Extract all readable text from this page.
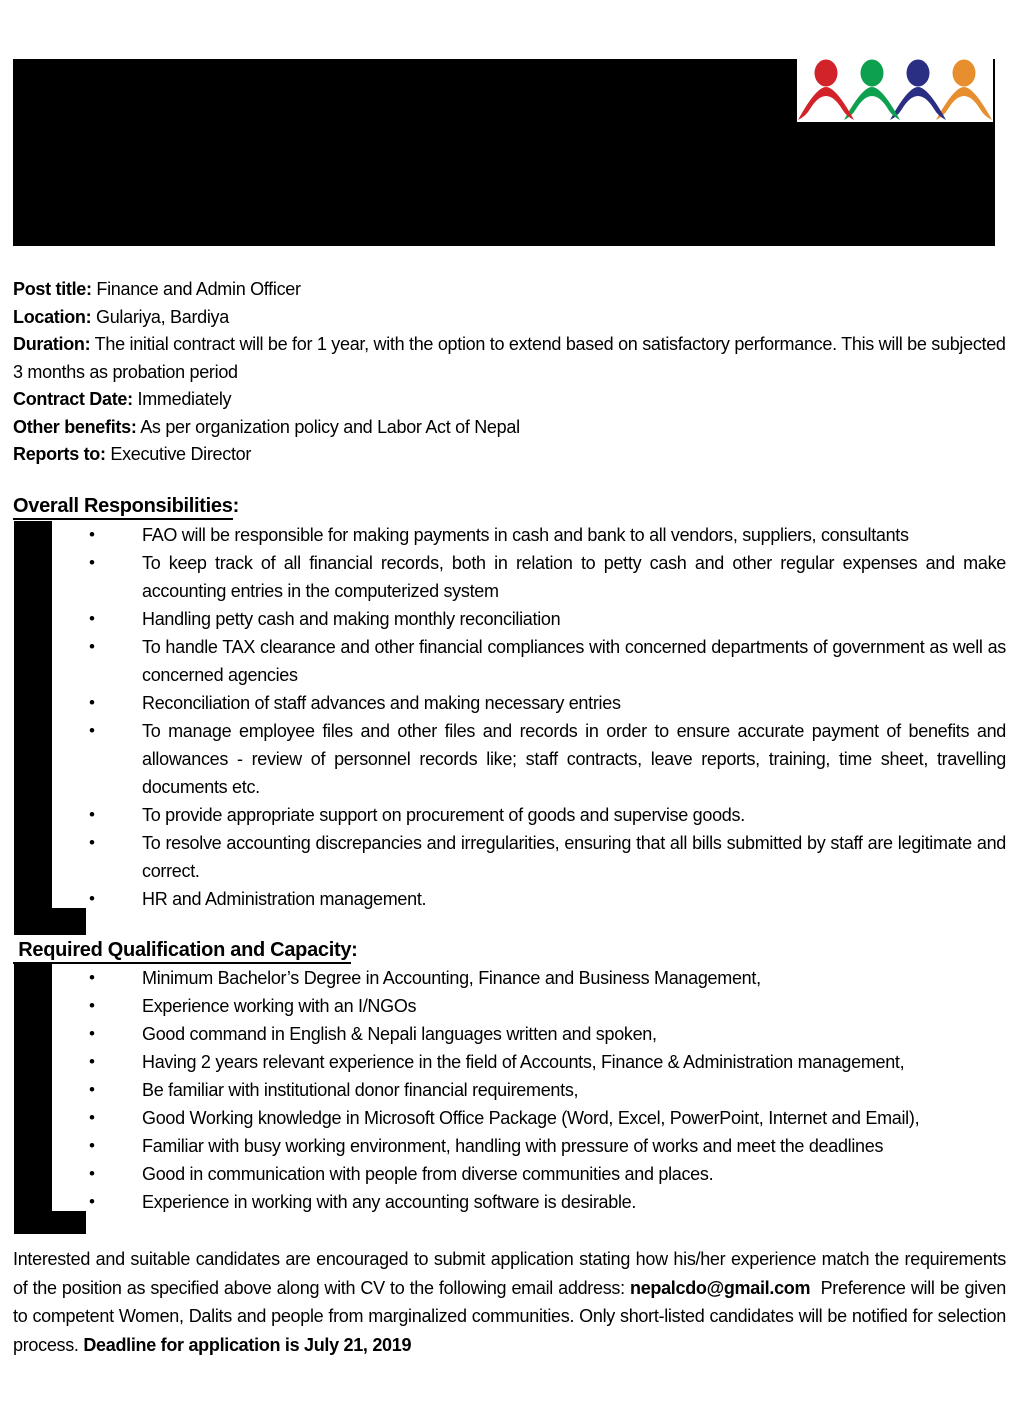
Post title: Finance and Admin Officer

Location: Gulariya, Bardiya

Duration: The initial contract will be for 1 year, with the option to extend based on satisfactory performance. This will be subjected 3 months as probation period

Contract Date: Immediately

Other benefits: As per organization policy and Labor Act of Nepal

Reports to: Executive Director

Overall Responsibilities:
•	FAO will be responsible for making payments in cash and bank to all vendors, suppliers, consultants
•	To keep track of all financial records, both in relation to petty cash and other regular expenses and make accounting entries in the computerized system
•	Handling petty cash and making monthly reconciliation
•	To handle TAX clearance and other financial compliances with concerned departments of government as well as concerned agencies
•	Reconciliation of staff advances and making necessary entries
•	To manage employee files and other files and records in order to ensure accurate payment of benefits and allowances - review of personnel records like; staff contracts, leave reports, training, time sheet, travelling documents etc.
•	To provide appropriate support on procurement of goods and supervise goods.
•	To resolve accounting discrepancies and irregularities, ensuring that all bills submitted by staff are legitimate and correct.
•	HR and Administration management.
Required Qualification and Capacity:
•	Minimum Bachelor’s Degree in Accounting, Finance and Business Management,
•	Experience working with an I/NGOs
•	Good command in English & Nepali languages written and spoken,
•	Having 2 years relevant experience in the field of Accounts, Finance & Administration management,
•	Be familiar with institutional donor financial requirements,
•	Good Working knowledge in Microsoft Office Package (Word, Excel, PowerPoint, Internet and Email),
•	Familiar with busy working environment, handling with pressure of works and meet the deadlines
•	Good in communication with people from diverse communities and places.
•	Experience in working with any accounting software is desirable.

Interested and suitable candidates are encouraged to submit application stating how his/her experience match the requirements of the position as specified above along with CV to the following email address: nepalcdo@gmail.com  Preference will be given to competent Women, Dalits and people from marginalized communities. Only short-listed candidates will be notified for selection process. Deadline for application is July 21, 2019
